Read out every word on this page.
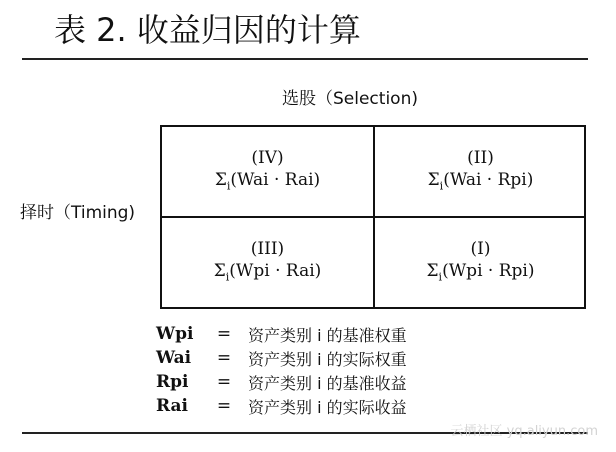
表 2. 收益归因的计算
选股（Selection)
择时（Timing)
(IV)
$\Sigma_i(Wai \cdot Rai)$
(II)
$\Sigma_i(Wai \cdot Rpi)$
(III)
$\Sigma_i(Wpi \cdot Rai)$
(I)
$\Sigma_i(Wpi \cdot Rpi)$
Wpi	=	资产类别 i 的基准权重
Wai	=	资产类别 i 的实际权重
Rpi	=	资产类别 i 的基准收益
Rai	=	资产类别 i 的实际收益
云栖社区 yq.aliyun.com
